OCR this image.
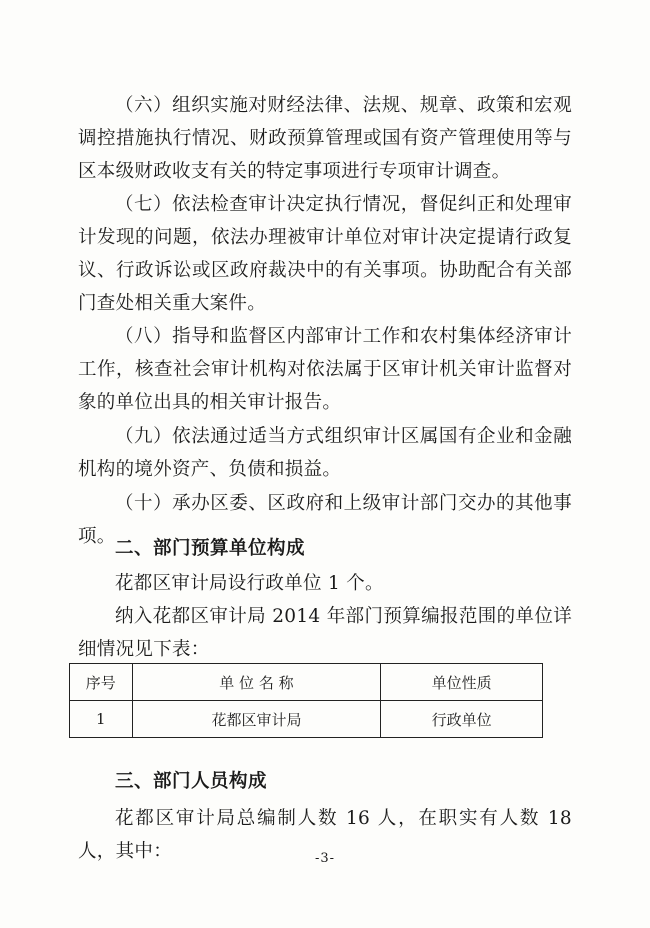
（六）组织实施对财经法律、法规、规章、政策和宏观调控措施执行情况、财政预算管理或国有资产管理使用等与区本级财政收支有关的特定事项进行专项审计调查。

（七）依法检查审计决定执行情况，督促纠正和处理审计发现的问题，依法办理被审计单位对审计决定提请行政复议、行政诉讼或区政府裁决中的有关事项。协助配合有关部门查处相关重大案件。

（八）指导和监督区内部审计工作和农村集体经济审计工作，核查社会审计机构对依法属于区审计机关审计监督对象的单位出具的相关审计报告。

（九）依法通过适当方式组织审计区属国有企业和金融机构的境外资产、负债和损益。

（十）承办区委、区政府和上级审计部门交办的其他事项。

二、部门预算单位构成

花都区审计局设行政单位 1 个。

纳入花都区审计局 2014 年部门预算编报范围的单位详细情况见下表：

序号	单 位 名 称	单位性质
1	花都区审计局	行政单位

三、部门人员构成

花都区审计局总编制人数 16 人，在职实有人数 18 人，其中：	-3-
